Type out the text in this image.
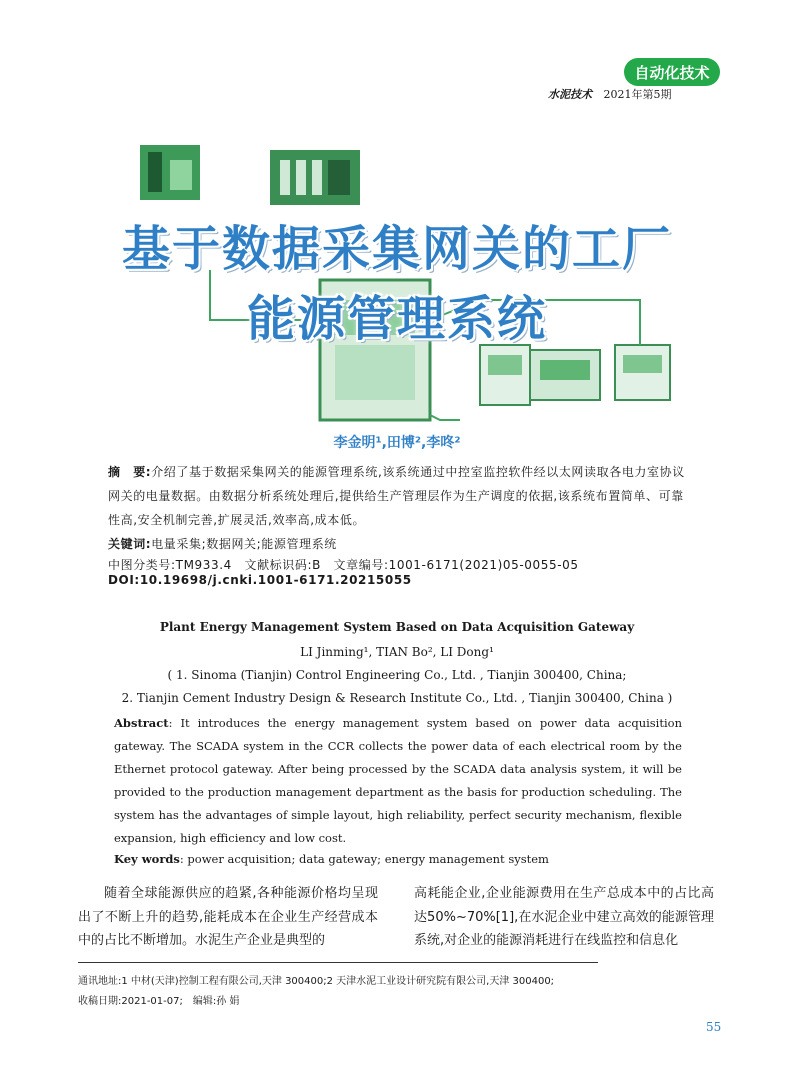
自动化技术
水泥技术 2021年第5期
基于数据采集网关的工厂
能源管理系统
李金明¹,田博²,李咚²
摘　要:介绍了基于数据采集网关的能源管理系统,该系统通过中控室监控软件经以太网读取各电力室协议网关的电量数据。由数据分析系统处理后,提供给生产管理层作为生产调度的依据,该系统布置简单、可靠性高,安全机制完善,扩展灵活,效率高,成本低。
关键词:电量采集;数据网关;能源管理系统
中图分类号:TM933.4　文献标识码:B　文章编号:1001-6171(2021)05-0055-05
DOI:10.19698/j.cnki.1001-6171.20215055
Plant Energy Management System Based on Data Acquisition Gateway
LI Jinming¹, TIAN Bo², LI Dong¹
( 1. Sinoma (Tianjin) Control Engineering Co., Ltd. , Tianjin 300400, China;
2. Tianjin Cement Industry Design & Research Institute Co., Ltd. , Tianjin 300400, China )
Abstract: It introduces the energy management system based on power data acquisition gateway. The SCADA system in the CCR collects the power data of each electrical room by the Ethernet protocol gateway. After being processed by the SCADA data analysis system, it will be provided to the production management department as the basis for production scheduling. The system has the advantages of simple layout, high reliability, perfect security mechanism, flexible expansion, high efficiency and low cost.
Key words: power acquisition; data gateway; energy management system
随着全球能源供应的趋紧,各种能源价格均呈现出了不断上升的趋势,能耗成本在企业生产经营成本中的占比不断增加。水泥生产企业是典型的
高耗能企业,企业能源费用在生产总成本中的占比高达50%~70%[1],在水泥企业中建立高效的能源管理系统,对企业的能源消耗进行在线监控和信息化
通讯地址:1 中材(天津)控制工程有限公司,天津 300400;2 天津水泥工业设计研究院有限公司,天津 300400;
收稿日期:2021-01-07;　编辑:孙 娟
55
